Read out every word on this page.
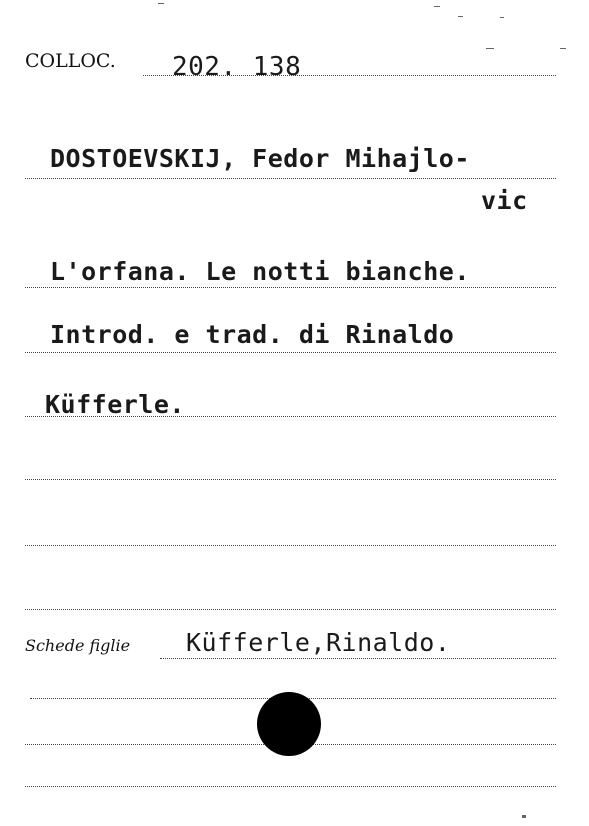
COLLOC. 202. 138
DOSTOEVSKIJ, Fedor Mihajlo-
vic
L'orfana. Le notti bianche.
Introd. e trad. di Rinaldo
Küfferle.
Schede figlie Küfferle,Rinaldo.
